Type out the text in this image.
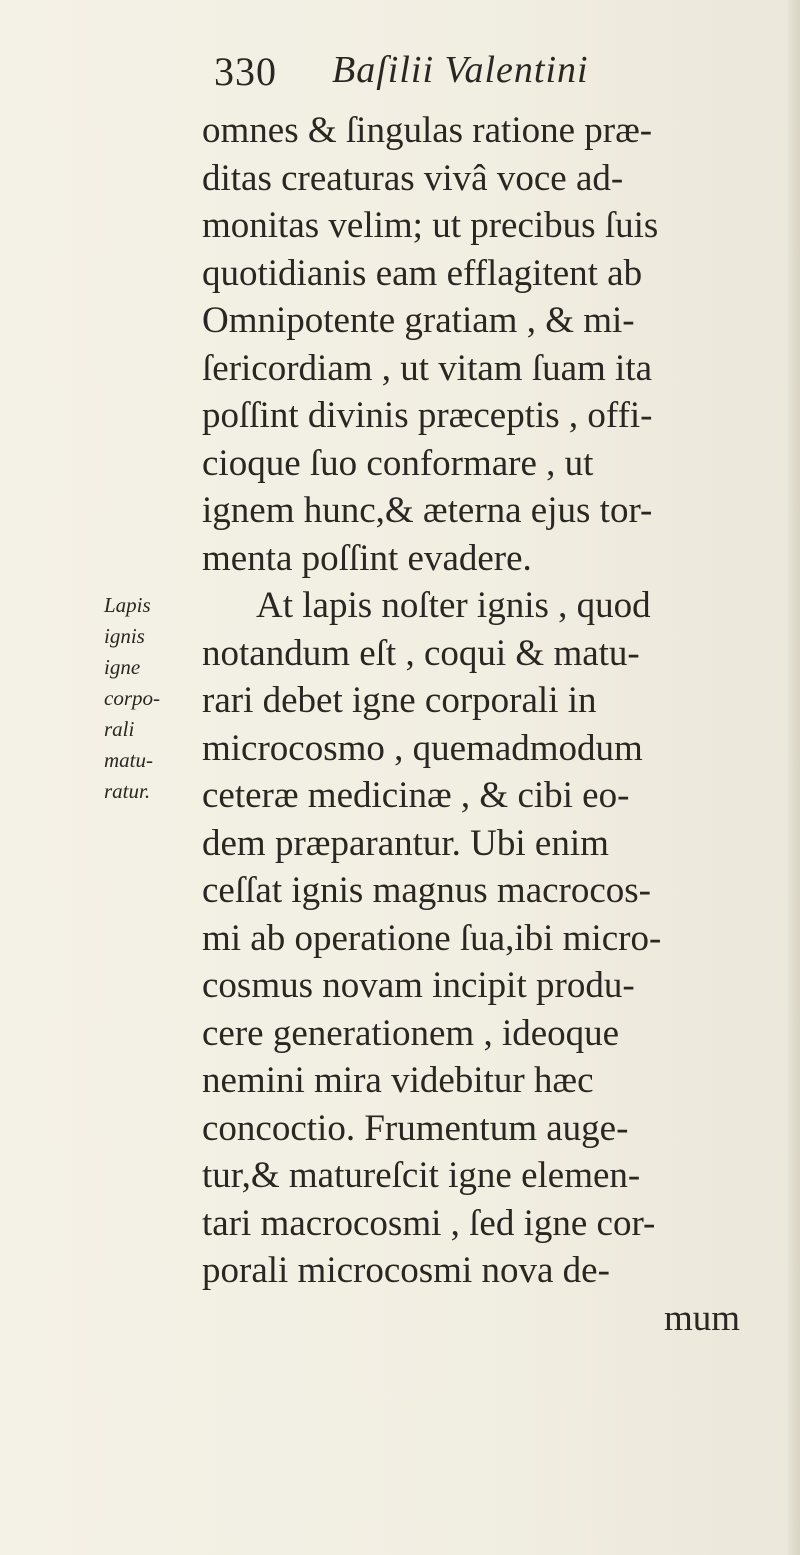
330 Baſilii Valentini
Lapis
ignis
igne
corpo-
rali
matu-
ratur.
omnes & ſingulas ratione præ-
ditas creaturas vivâ voce ad-
monitas velim; ut precibus ſuis
quotidianis eam efflagitent ab
Omnipotente gratiam , & mi-
ſericordiam , ut vitam ſuam ita
poſſint divinis præceptis , offi-
cioque ſuo conformare , ut
ignem hunc,& æterna ejus tor-
menta poſſint evadere.
At lapis noſter ignis , quod
notandum eſt , coqui & matu-
rari debet igne corporali in
microcosmo , quemadmodum
ceteræ medicinæ , & cibi eo-
dem præparantur. Ubi enim
ceſſat ignis magnus macrocos-
mi ab operatione ſua,ibi micro-
cosmus novam incipit produ-
cere generationem , ideoque
nemini mira videbitur hæc
concoctio. Frumentum auge-
tur,& matureſcit igne elemen-
tari macrocosmi , ſed igne cor-
porali microcosmi nova de-
mum
